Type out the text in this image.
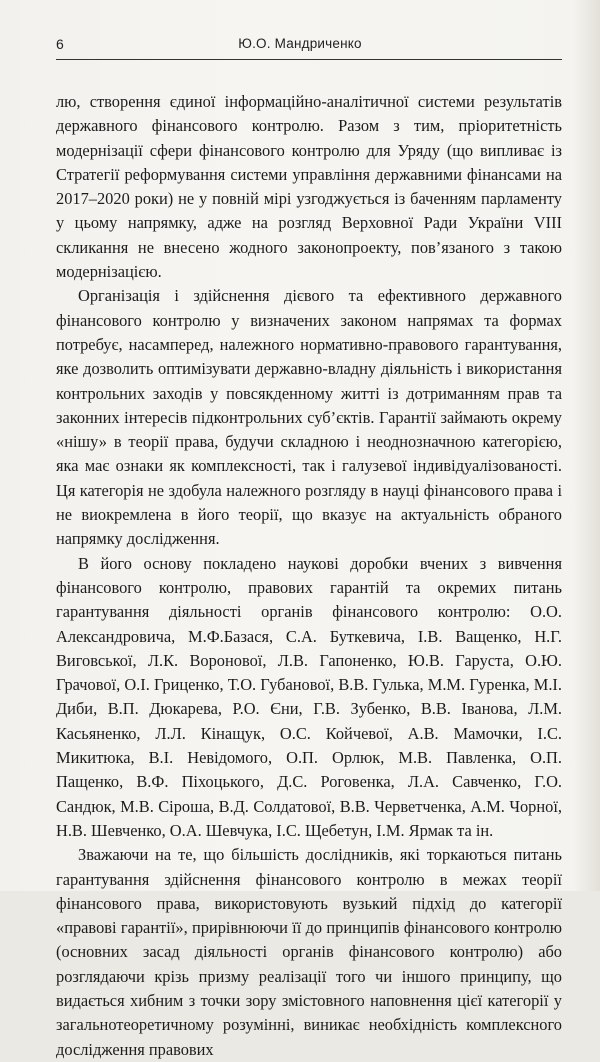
6	Ю.О. Мандриченко

лю, створення єдиної інформаційно-аналітичної системи результатів державного фінансового контролю. Разом з тим, пріоритетність модернізації сфери фінансового контролю для Уряду (що випливає із Стратегії реформування системи управління державними фінансами на 2017–2020 роки) не у повній мірі узгоджується із баченням парламенту у цьому напрямку, адже на розгляд Верховної Ради України VIII скликання не внесено жодного законопроекту, пов’язаного з такою модернізацією.

Організація і здійснення дієвого та ефективного державного фінансового контролю у визначених законом напрямах та формах потребує, насамперед, належного нормативно-правового гарантування, яке дозволить оптимізувати державно-владну діяльність і використання контрольних заходів у повсякденному житті із дотриманням прав та законних інтересів підконтрольних суб’єктів. Гарантії займають окрему «нішу» в теорії права, будучи складною і неоднозначною категорією, яка має ознаки як комплексності, так і галузевої індивідуалізованості. Ця категорія не здобула належного розгляду в науці фінансового права і не виокремлена в його теорії, що вказує на актуальність обраного напрямку дослідження.

В його основу покладено наукові доробки вчених з вивчення фінансового контролю, правових гарантій та окремих питань гарантування діяльності органів фінансового контролю: О.О. Александровича, М.Ф.Базася, С.А. Буткевича, І.В. Ващенко, Н.Г. Виговської, Л.К. Воронової, Л.В. Гапоненко, Ю.В. Гаруста, О.Ю. Грачової, О.І. Гриценко, Т.О. Губанової, В.В. Гулька, М.М. Гуренка, М.І. Диби, В.П. Дюкарева, Р.О. Єни, Г.В. Зубенко, В.В. Іванова, Л.М. Касьяненко, Л.Л. Кінащук, О.С. Койчевої, А.В. Мамочки, І.С. Микитюка, В.І. Невідомого, О.П. Орлюк, М.В. Павленка, О.П. Пащенко, В.Ф. Піхоцького, Д.С. Роговенка, Л.А. Савченко, Г.О. Сандюк, М.В. Сіроша, В.Д. Солдатової, В.В. Черветченка, А.М. Чорної, Н.В. Шевченко, О.А. Шевчука, І.С. Щебетун, І.М. Ярмак та ін.

Зважаючи на те, що більшість дослідників, які торкаються питань гарантування здійснення фінансового контролю в межах теорії фінансового права, використовують вузький підхід до категорії «правові гарантії», прирівнюючи її до принципів фінансового контролю (основних засад діяльності органів фінансового контролю) або розглядаючи крізь призму реалізації того чи іншого принципу, що видається хибним з точки зору змістовного наповнення цієї категорії у загальнотеоретичному розумінні, виникає необхідність комплексного дослідження правових
